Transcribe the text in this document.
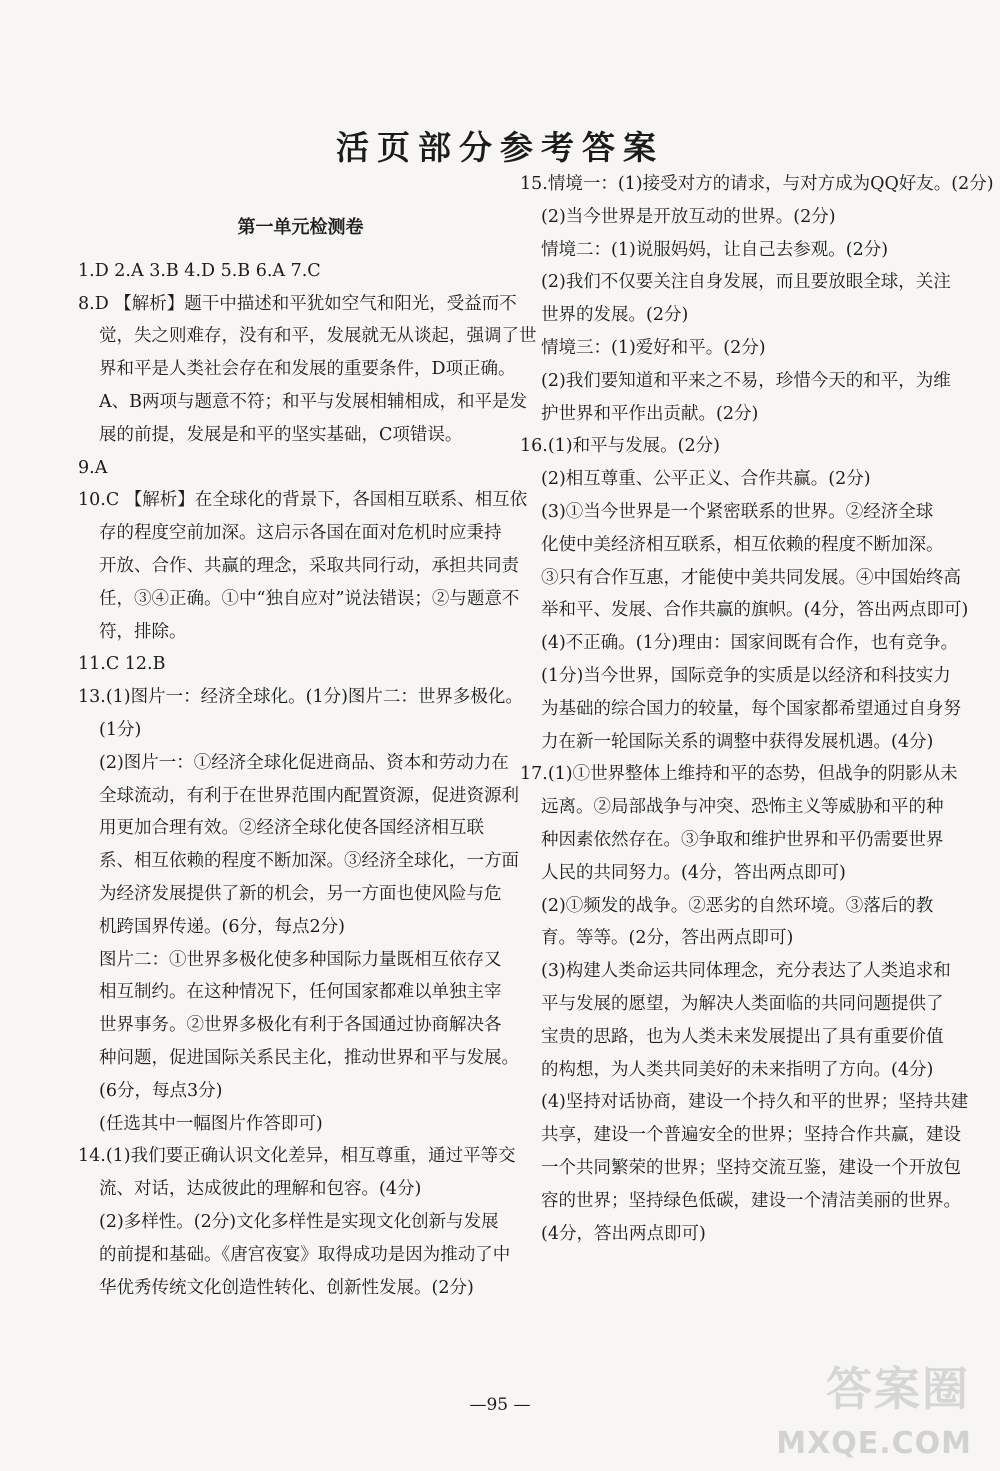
活页部分参考答案
第一单元检测卷
1.D 2.A 3.B 4.D 5.B 6.A 7.C
8.D 【解析】题干中描述和平犹如空气和阳光，受益而不
觉，失之则难存，没有和平，发展就无从谈起，强调了世
界和平是人类社会存在和发展的重要条件，D项正确。
A、B两项与题意不符；和平与发展相辅相成，和平是发
展的前提，发展是和平的坚实基础，C项错误。
9.A
10.C 【解析】在全球化的背景下，各国相互联系、相互依
存的程度空前加深。这启示各国在面对危机时应秉持
开放、合作、共赢的理念，采取共同行动，承担共同责
任，③④正确。①中“独自应对”说法错误；②与题意不
符，排除。
11.C 12.B
13.(1)图片一：经济全球化。(1分)图片二：世界多极化。
(1分)
(2)图片一：①经济全球化促进商品、资本和劳动力在
全球流动，有利于在世界范围内配置资源，促进资源利
用更加合理有效。②经济全球化使各国经济相互联
系、相互依赖的程度不断加深。③经济全球化，一方面
为经济发展提供了新的机会，另一方面也使风险与危
机跨国界传递。(6分，每点2分)
图片二：①世界多极化使多种国际力量既相互依存又
相互制约。在这种情况下，任何国家都难以单独主宰
世界事务。②世界多极化有利于各国通过协商解决各
种问题，促进国际关系民主化，推动世界和平与发展。
(6分，每点3分)
(任选其中一幅图片作答即可)
14.(1)我们要正确认识文化差异，相互尊重，通过平等交
流、对话，达成彼此的理解和包容。(4分)
(2)多样性。(2分)文化多样性是实现文化创新与发展
的前提和基础。《唐宫夜宴》取得成功是因为推动了中
华优秀传统文化创造性转化、创新性发展。(2分)
15.情境一：(1)接受对方的请求，与对方成为QQ好友。(2分)
(2)当今世界是开放互动的世界。(2分)
情境二：(1)说服妈妈，让自己去参观。(2分)
(2)我们不仅要关注自身发展，而且要放眼全球，关注
世界的发展。(2分)
情境三：(1)爱好和平。(2分)
(2)我们要知道和平来之不易，珍惜今天的和平，为维
护世界和平作出贡献。(2分)
16.(1)和平与发展。(2分)
(2)相互尊重、公平正义、合作共赢。(2分)
(3)①当今世界是一个紧密联系的世界。②经济全球
化使中美经济相互联系，相互依赖的程度不断加深。
③只有合作互惠，才能使中美共同发展。④中国始终高
举和平、发展、合作共赢的旗帜。(4分，答出两点即可)
(4)不正确。(1分)理由：国家间既有合作，也有竞争。
(1分)当今世界，国际竞争的实质是以经济和科技实力
为基础的综合国力的较量，每个国家都希望通过自身努
力在新一轮国际关系的调整中获得发展机遇。(4分)
17.(1)①世界整体上维持和平的态势，但战争的阴影从未
远离。②局部战争与冲突、恐怖主义等威胁和平的种
种因素依然存在。③争取和维护世界和平仍需要世界
人民的共同努力。(4分，答出两点即可)
(2)①频发的战争。②恶劣的自然环境。③落后的教
育。等等。(2分，答出两点即可)
(3)构建人类命运共同体理念，充分表达了人类追求和
平与发展的愿望，为解决人类面临的共同问题提供了
宝贵的思路，也为人类未来发展提出了具有重要价值
的构想，为人类共同美好的未来指明了方向。(4分)
(4)坚持对话协商，建设一个持久和平的世界；坚持共建
共享，建设一个普遍安全的世界；坚持合作共赢，建设
一个共同繁荣的世界；坚持交流互鉴，建设一个开放包
容的世界；坚持绿色低碳，建设一个清洁美丽的世界。
(4分，答出两点即可)
—95 —	答案圈
MXQE.COM
